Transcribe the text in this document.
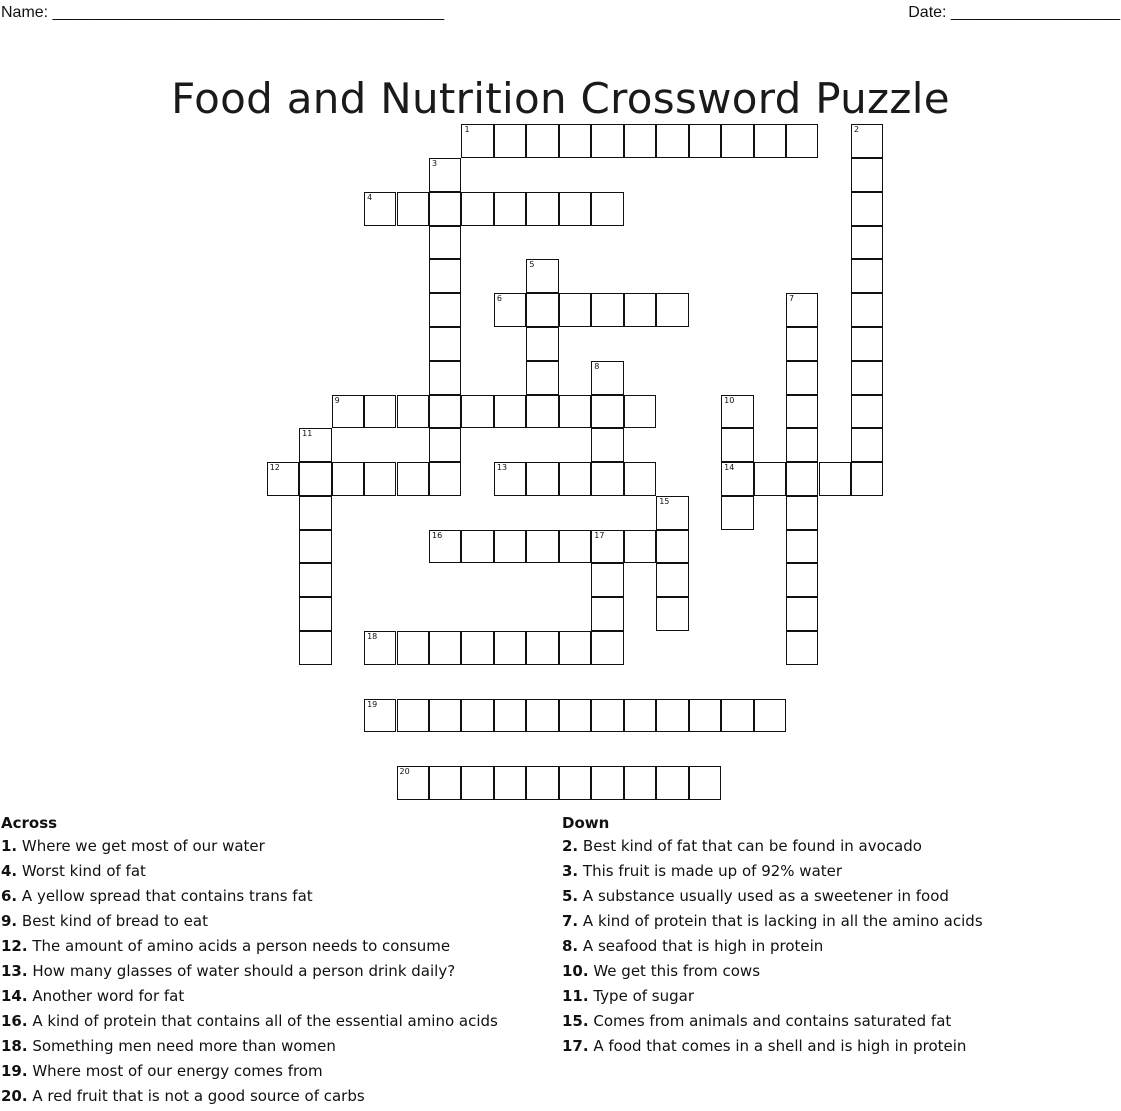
Name: ____________________________________________	Date: ___________________
Food and Nutrition Crossword Puzzle
1	2
3
4
5
6	7
8
9	10
14
11
12	13
15
16	17
18
19
20
Across
1. Where we get most of our water
4. Worst kind of fat
6. A yellow spread that contains trans fat
9. Best kind of bread to eat
12. The amount of amino acids a person needs to consume
13. How many glasses of water should a person drink daily?
14. Another word for fat
16. A kind of protein that contains all of the essential amino acids
18. Something men need more than women
19. Where most of our energy comes from
20. A red fruit that is not a good source of carbs
Down
2. Best kind of fat that can be found in avocado
3. This fruit is made up of 92% water
5. A substance usually used as a sweetener in food
7. A kind of protein that is lacking in all the amino acids
8. A seafood that is high in protein
10. We get this from cows
11. Type of sugar
15. Comes from animals and contains saturated fat
17. A food that comes in a shell and is high in protein
